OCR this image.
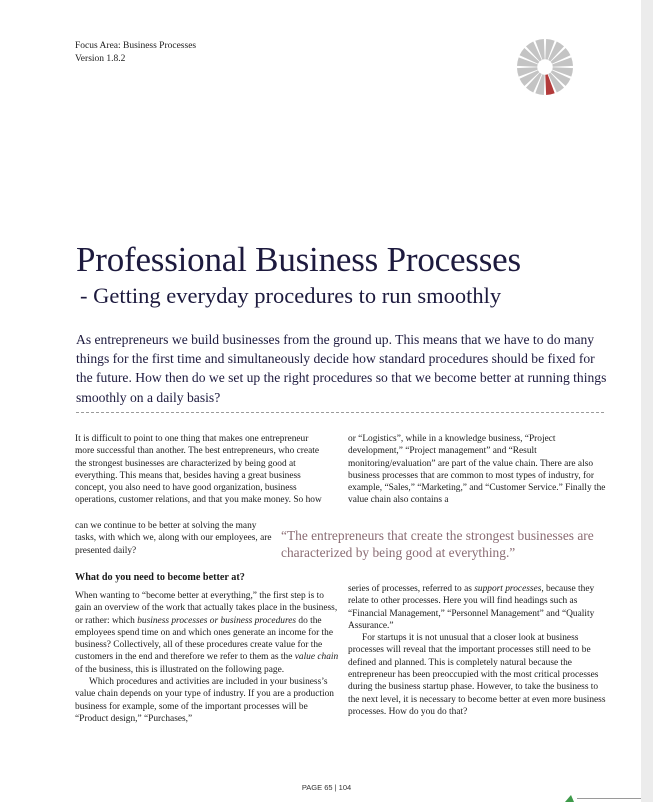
Focus Area: Business Processes
Version 1.8.2
Professional Business Processes
- Getting everyday procedures to run smoothly

As entrepreneurs we build businesses from the ground up. This means that we have to do many things for the first time and simultaneously decide how standard procedures should be fixed for the future. How then do we set up the right procedures so that we become better at running things smoothly on a daily basis?

It is difficult to point to one thing that makes one entrepreneur more successful than another. The best entrepreneurs, who create the strongest businesses are characterized by being good at everything. This means that, besides having a great business concept, you also need to have good organization, business operations, customer relations, and that you make money. So how

can we continue to be better at solving the many tasks, with which we, along with our employees, are presented daily?

or “Logistics”, while in a knowledge business, “Project development,” “Project management” and “Result monitoring/evaluation” are part of the value chain. There are also business processes that are common to most types of industry, for example, “Sales,” “Marketing,” and “Customer Service.” Finally the value chain also contains a

“The entrepreneurs that create the strongest businesses are characterized by being good at everything.”

What do you need to become better at?

When wanting to “become better at everything,” the first step is to gain an overview of the work that actually takes place in the business, or rather: which business processes or business procedures do the employees spend time on and which ones generate an income for the business? Collectively, all of these procedures create value for the customers in the end and therefore we refer to them as the value chain of the business, this is illustrated on the following page.

Which procedures and activities are included in your business’s value chain depends on your type of industry. If you are a production business for example, some of the important processes will be “Product design,” “Purchases,”

series of processes, referred to as support processes, because they relate to other processes. Here you will find headings such as “Financial Management,” “Personnel Management” and “Quality Assurance.”

For startups it is not unusual that a closer look at business processes will reveal that the important processes still need to be defined and planned. This is completely natural because the entrepreneur has been preoccupied with the most critical processes during the business startup phase. However, to take the business to the next level, it is necessary to become better at even more business processes. How do you do that?

PAGE 65 | 104
